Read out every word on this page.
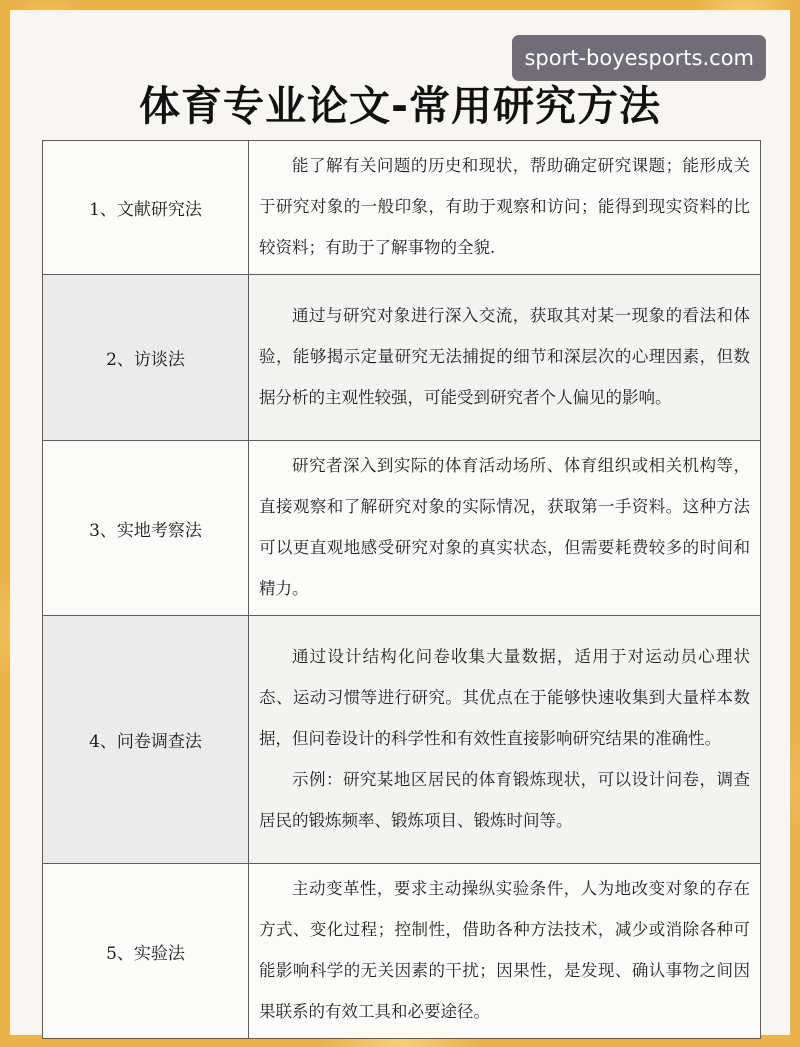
sport-boyesports.com
体育专业论文-常用研究方法
1、文献研究法	能了解有关问题的历史和现状，帮助确定研究课题；能形成关于研究对象的一般印象，有助于观察和访问；能得到现实资料的比较资料；有助于了解事物的全貌.

2、访谈法	通过与研究对象进行深入交流，获取其对某一现象的看法和体验，能够揭示定量研究无法捕捉的细节和深层次的心理因素，但数据分析的主观性较强，可能受到研究者个人偏见的影响。

3、实地考察法	研究者深入到实际的体育活动场所、体育组织或相关机构等，直接观察和了解研究对象的实际情况，获取第一手资料。这种方法可以更直观地感受研究对象的真实状态，但需要耗费较多的时间和精力。

4、问卷调查法	通过设计结构化问卷收集大量数据，适用于对运动员心理状态、运动习惯等进行研究。其优点在于能够快速收集到大量样本数据，但问卷设计的科学性和有效性直接影响研究结果的准确性。

示例：研究某地区居民的体育锻炼现状，可以设计问卷，调查居民的锻炼频率、锻炼项目、锻炼时间等。

5、实验法	主动变革性，要求主动操纵实验条件，人为地改变对象的存在方式、变化过程；控制性，借助各种方法技术，减少或消除各种可能影响科学的无关因素的干扰；因果性，是发现、确认事物之间因果联系的有效工具和必要途径。
